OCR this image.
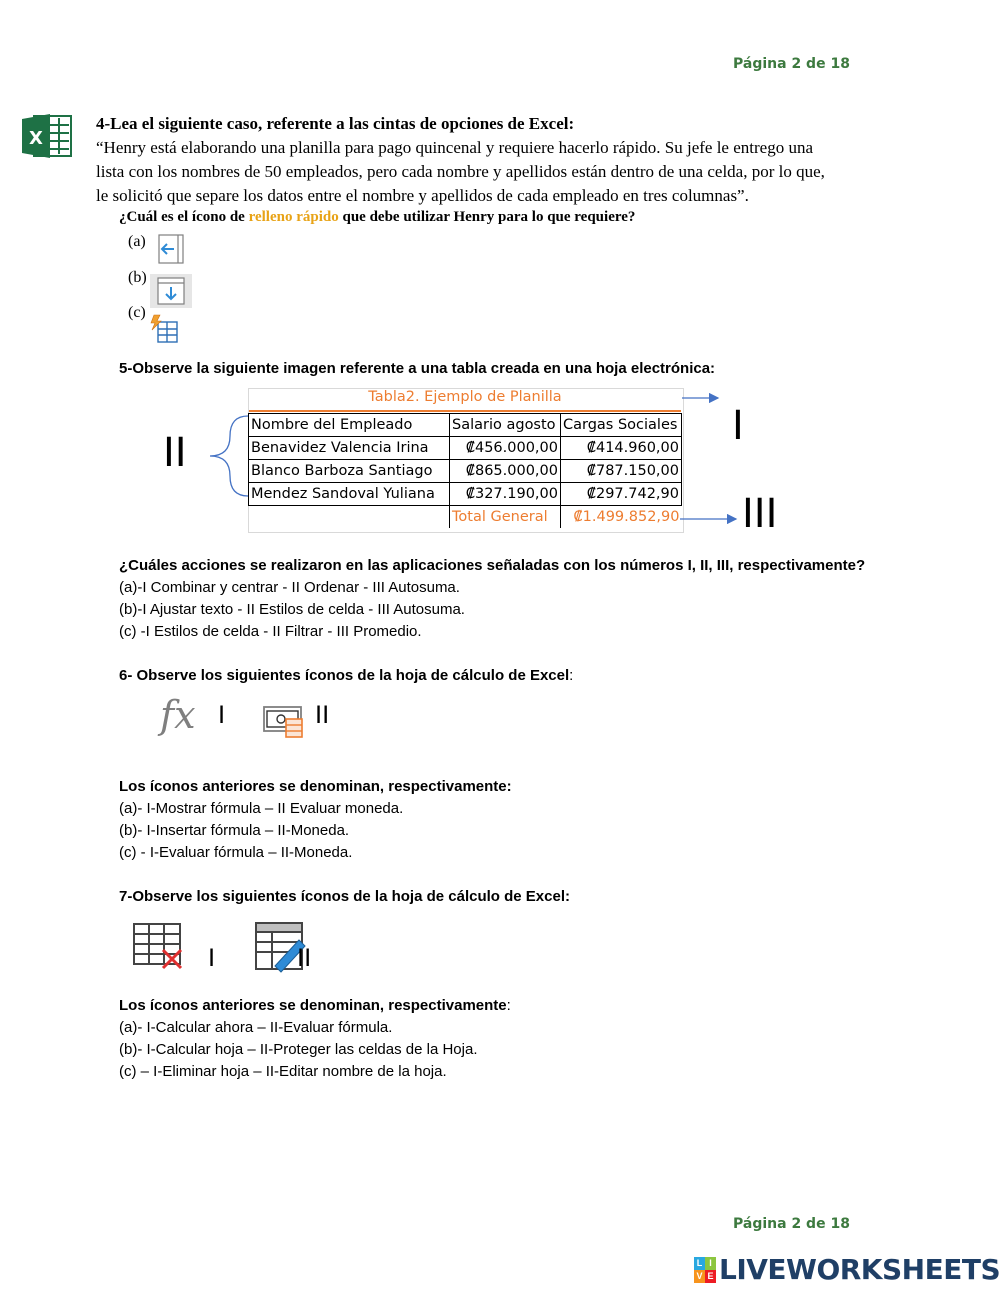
Página 2 de 18
X
4-Lea el siguiente caso, referente a las cintas de opciones de Excel:
“Henry está elaborando una planilla para pago quincenal y requiere hacerlo rápido. Su jefe le entrego una
lista con los nombres de 50 empleados, pero cada nombre y apellidos están dentro de una celda, por lo que,
le solicitó que separe los datos entre el nombre y apellidos de cada empleado en tres columnas”.
¿Cuál es el ícono de relleno rápido que debe utilizar Henry para lo que requiere?
(a)
(b)
(c)
5-Observe la siguiente imagen referente a una tabla creada en una hoja electrónica:
Tabla2. Ejemplo de Planilla
Nombre del Empleado	Salario agosto	Cargas Sociales
Benavidez Valencia Irina	₡456.000,00	₡414.960,00
Blanco Barboza Santiago	₡865.000,00	₡787.150,00
Mendez Sandoval Yuliana	₡327.190,00	₡297.742,90
	Total General	₡1.499.852,90
I
II
III
¿Cuáles acciones se realizaron en las aplicaciones señaladas con los números I, II, III, respectivamente?
(a)-I Combinar y centrar - II Ordenar - III Autosuma.
(b)-I Ajustar texto - II Estilos de celda - III Autosuma.
(c) -I Estilos de celda - II Filtrar - III Promedio.
6- Observe los siguientes íconos de la hoja de cálculo de Excel:
fx I	II
Los íconos anteriores se denominan, respectivamente:
(a)- I-Mostrar fórmula – II Evaluar moneda.
(b)- I-Insertar fórmula – II-Moneda.
(c) - I-Evaluar fórmula – II-Moneda.
7-Observe los siguientes íconos de la hoja de cálculo de Excel:
I	II
Los íconos anteriores se denominan, respectivamente:
(a)- I-Calcular ahora – II-Evaluar fórmula.
(b)- I-Calcular hoja – II-Proteger las celdas de la Hoja.
(c) – I-Eliminar hoja – II-Editar nombre de la hoja.
Página 2 de 18
L I
V E LIVEWORKSHEETS
